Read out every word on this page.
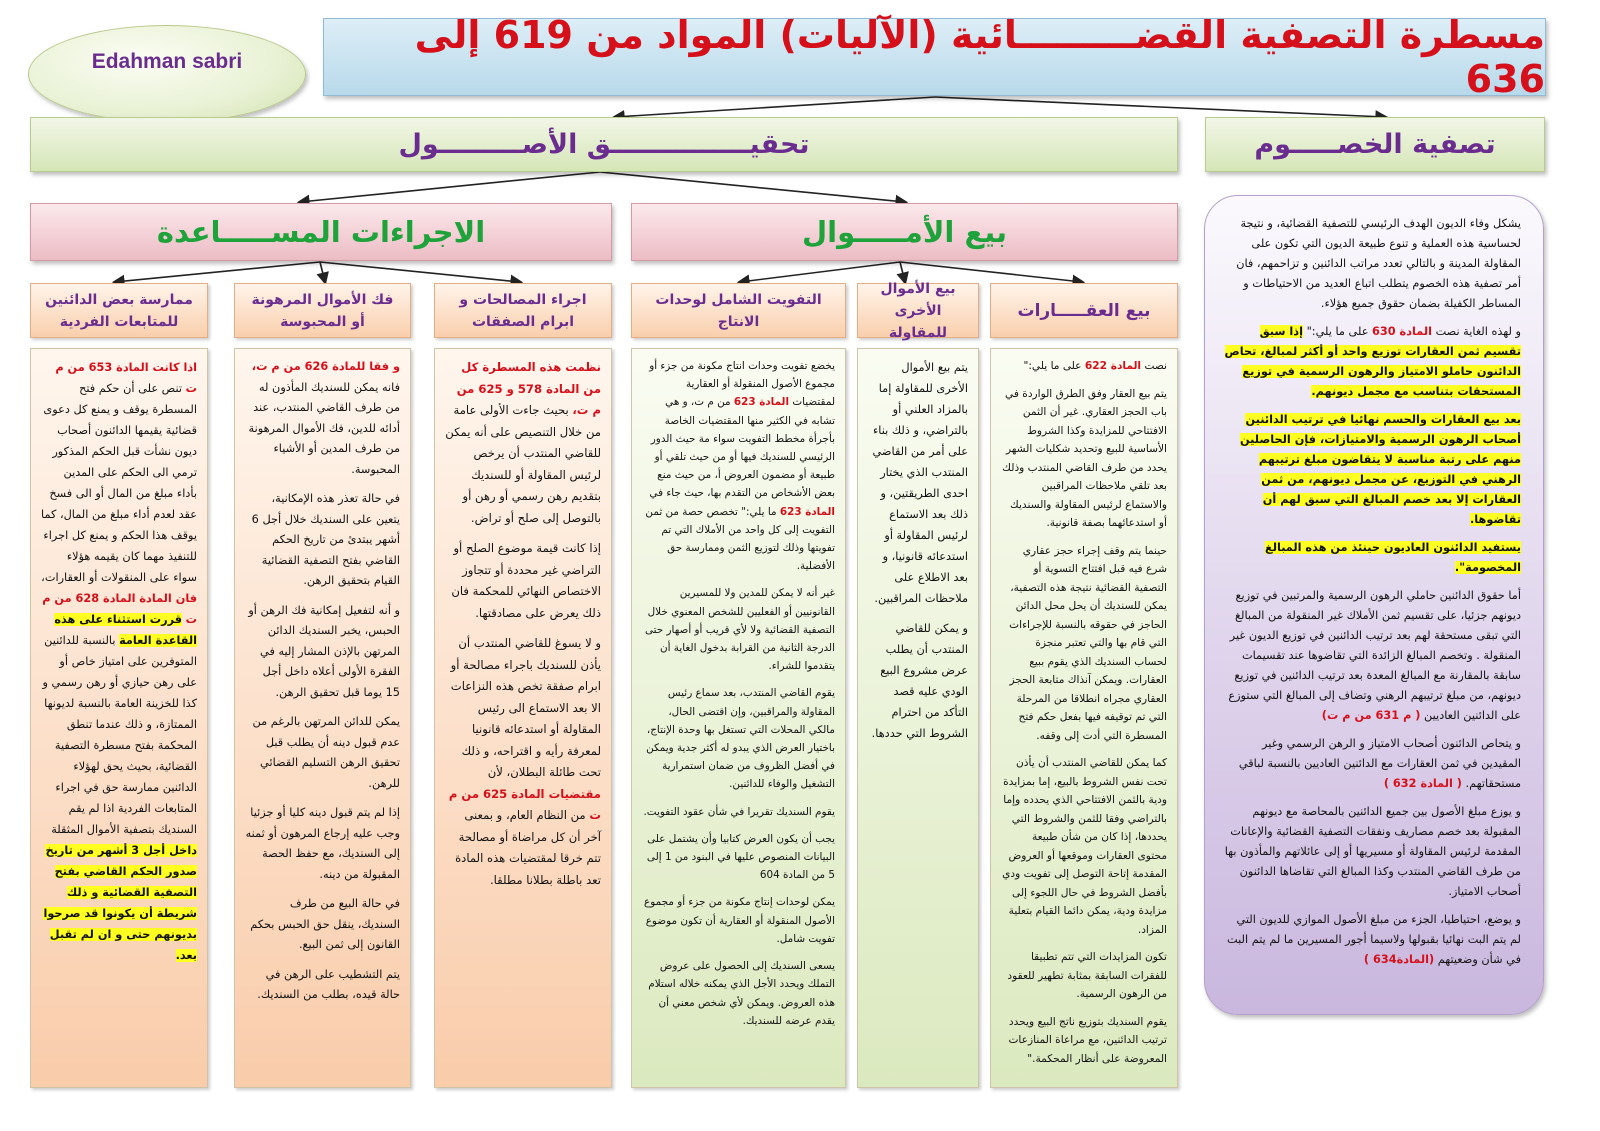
Edahman sabri
مسطرة التصفية القضـــــــــائية (الآليات) المواد من 619 إلى 636
تصفية الخصـــــوم
تحقيـــــــــــــــق الأصـــــــــول
بيع الأمـــــوال
الاجراءات المســـــاعدة
بيع العقـــــارات
بيع الأموال الأخرى للمقاولة
التفويت الشامل لوحدات الانتاج
اجراء المصالحات و ابرام الصفقات
فك الأموال المرهونة أو المحبوسة
ممارسة بعض الدائنين للمتابعات الفردية

يشكل وفاء الديون الهدف الرئيسي للتصفية القضائية، و نتيجة لحساسية هذه العملية و تنوع طبيعة الديون التي تكون على المقاولة المدينة و بالتالي تعدد مراتب الدائنين و تزاحمهم، فان أمر تصفية هذه الخصوم يتطلب اتباع العديد من الاحتياطات و المساطر الكفيلة بضمان حقوق جميع هؤلاء.

و لهذه الغاية نصت المادة 630 على ما يلي:" إذا سبق تقسيم ثمن العقارات توزيع واحد أو أكثر لمبالغ، تحاص الدائنون حاملو الامتياز والرهون الرسمية في توزيع المستحقات بتناسب مع مجمل ديونهم.

بعد بيع العقارات والحسم نهائيا في ترتيب الدائنين أصحاب الرهون الرسمية والامتيازات، فإن الحاصلين منهم على رتبة مناسبة لا يتقاضون مبلغ ترتيبهم الرهني في التوزيع، عن مجمل ديونهم، من ثمن العقارات إلا بعد خصم المبالغ التي سبق لهم أن تقاضوها.

يستفيد الدائنون العاديون حينئذ من هذه المبالغ المخصومة".

أما حقوق الدائنين حاملي الرهون الرسمية والمرتبين في توزيع ديونهم جزئيا، على تقسيم ثمن الأملاك غير المنقولة من المبالغ التي تبقى مستحقة لهم بعد ترتيب الدائنين في توزيع الديون غير المنقولة . وتخصم المبالغ الزائدة التي تقاضوها عند تقسيمات سابقة بالمقارنة مع المبالغ المعدة بعد ترتيب الدائنين في توزيع ديونهم، من مبلغ ترتيبهم الرهني وتضاف إلى المبالغ التي ستوزع على الدائنين العاديين ( م 631 من م ت)

و يتحاص الدائنون أصحاب الامتياز و الرهن الرسمي وغير المقيدين في ثمن العقارات مع الدائنين العاديين بالنسبة لباقي مستحقاتهم. ( المادة 632 )

و يوزع مبلغ الأصول بين جميع الدائنين بالمحاصة مع ديونهم المقبولة بعد خصم مصاريف ونفقات التصفية القضائية والإعانات المقدمة لرئيس المقاولة أو مسيريها أو إلى عائلاتهم والمأذون بها من طرف القاضي المنتدب وكذا المبالغ التي تقاضاها الدائنون أصحاب الامتياز.

و يوضع، احتياطيا، الجزء من مبلغ الأصول الموازي للديون التي لم يتم البت نهائيا بقبولها ولاسيما أجور المسيرين ما لم يتم البت في شأن وضعيتهم (المادة634 )

نصت المادة 622 على ما يلي:"

يتم بيع العقار وفق الطرق الواردة في باب الحجز العقاري. غير أن الثمن الافتتاحي للمزايدة وكذا الشروط الأساسية للبيع وتحديد شكليات الشهر يحدد من طرف القاضي المنتدب وذلك بعد تلقي ملاحظات المراقبين والاستماع لرئيس المقاولة والسنديك أو استدعائهما بصفة قانونية.

حينما يتم وقف إجراء حجز عقاري شرع فيه قبل افتتاح التسوية أو التصفية القضائية نتيجة هذه التصفية، يمكن للسنديك أن يحل محل الدائن الحاجز في حقوقه بالنسبة للإجراءات التي قام بها والتي تعتبر منجزة لحساب السنديك الذي يقوم ببيع العقارات. ويمكن آنذاك متابعة الحجز العقاري مجراه انطلاقا من المرحلة التي تم توقيفه فيها بفعل حكم فتح المسطرة التي أدت إلى وقفه.

كما يمكن للقاضي المنتدب أن يأذن تحت نفس الشروط بالبيع، إما بمزايدة ودية بالثمن الافتتاحي الذي يحدده وإما بالتراضي وفقا للثمن والشروط التي يحددها، إذا كان من شأن طبيعة محتوى العقارات وموقعها أو العروض المقدمة إتاحة التوصل إلى تفويت ودي بأفضل الشروط في حال اللجوء إلى مزايدة ودية، يمكن دائما القيام بتعلية المزاد.

تكون المزايدات التي تتم تطبيقا للفقرات السابقة بمثابة تطهير للعقود من الرهون الرسمية.

يقوم السنديك بتوزيع ناتج البيع ويحدد ترتيب الدائنين، مع مراعاة المنازعات المعروضة على أنظار المحكمة."

يتم بيع الأموال الأخرى للمقاولة إما بالمزاد العلني أو بالتراضي، و ذلك بناء على أمر من القاضي المنتدب الذي يختار احدى الطريقتين، و ذلك بعد الاستماع لرئيس المقاولة أو استدعائه قانونيا، و بعد الاطلاع على ملاحظات المراقبين.

و يمكن للقاضي المنتدب أن يطلب عرض مشروع البيع الودي عليه قصد التأكد من احترام الشروط التي حددها.

يخضع تفويت وحدات انتاج مكونة من جزء أو مجموع الأصول المنقولة أو العقارية لمقتضيات المادة 623 من م ت، و هي تشابه في الكثير منها المقتضيات الخاصة بأجرأة مخطط التفويت سواء مة حيث الدور الرئيسي للسنديك فيها أو من حيث تلقي أو طبيعة أو مضمون العروض أ، من حيث منع بعض الأشخاص من التقدم بها، حيث جاء في المادة 623 ما يلي:" تخصص حصة من ثمن التفويت إلى كل واحد من الأملاك التي تم تفويتها وذلك لتوزيع الثمن وممارسة حق الأفضلية.

غير أنه لا يمكن للمدين ولا للمسيرين القانونيين أو الفعليين للشخص المعنوي خلال التصفية القضائية ولا لأي قريب أو أصهار حتى الدرجة الثانية من القرابة بدخول الغاية أن يتقدموا للشراء.

يقوم القاضي المنتدب، بعد سماع رئيس المقاولة والمراقبين، وإن اقتضى الحال، مالكي المحلات التي تستغل بها وحدة الإنتاج، باختيار العرض الذي يبدو له أكثر جدية ويمكن في أفضل الظروف من ضمان استمرارية التشغيل والوفاء للدائنين.

يقوم السنديك تقريرا في شأن عقود التفويت.

يجب أن يكون العرض كتابيا وأن يشتمل على البيانات المنصوص عليها في البنود من 1 إلى 5 من المادة 604

يمكن لوحدات إنتاج مكونة من جزء أو مجموع الأصول المنقولة أو العقارية أن تكون موضوع تفويت شامل.

يسعى السنديك إلى الحصول على عروض التملك ويحدد الأجل الذي يمكنه خلاله استلام هذه العروض. ويمكن لأي شخص معني أن يقدم عرضه للسنديك.

نظمت هذه المسطرة كل من المادة 578 و 625 من م ت، بحيث جاءت الأولى عامة من خلال التنصيص على أنه يمكن للقاضي المنتدب أن يرخص لرئيس المقاولة أو للسنديك بتقديم رهن رسمي أو رهن أو بالتوصل إلى صلح أو تراض.

إذا كانت قيمة موضوع الصلح أو التراضي غير محددة أو تتجاوز الاختصاص النهائي للمحكمة فان ذلك يعرض على مصادقتها.

و لا يسوغ للقاضي المنتدب أن يأذن للسنديك باجراء مصالحة أو ابرام صفقة تخص هذه النزاعات الا بعد الاستماع الى رئيس المقاولة أو استدعائه قانونيا لمعرفة رأيه و اقتراحه، و ذلك تحت طائلة البطلان، لأن مقتضيات المادة 625 من م ت من النظام العام، و بمعنى آخر أن كل مراضاة أو مصالحة تتم خرقا لمقتضيات هذه المادة تعد باطلة بطلانا مطلقا.

و فقا للمادة 626 من م ت، فانه يمكن للسنديك المأذون له من طرف القاضي المنتدب، عند أدائه للدين، فك الأموال المرهونة من طرف المدين أو الأشياء المحبوسة.

في حالة تعذر هذه الإمكانية، يتعين على السنديك خلال أجل 6 أشهر يبتدئ من تاريخ الحكم القاضي بفتح التصفية القضائية القيام بتحقيق الرهن.

و أنه لتفعيل إمكانية فك الرهن أو الحبس، يخبر السنديك الدائن المرتهن بالإذن المشار إليه في الفقرة الأولى أعلاه داخل أجل 15 يوما قبل تحقيق الرهن.

يمكن للدائن المرتهن بالرغم من عدم قبول دينه أن يطلب قبل تحقيق الرهن التسليم القضائي للرهن.

إذا لم يتم قبول دينه كليا أو جزئيا وجب عليه إرجاع المرهون أو ثمنه إلى السنديك، مع حفظ الحصة المقبولة من دينه.

في حالة البيع من طرف السنديك، ينقل حق الحبس بحكم القانون إلى ثمن البيع.

يتم التشطيب على الرهن في حالة قيده، بطلب من السنديك.

اذا كانت المادة 653 من م ت تنص على أن حكم فتح المسطرة يوقف و يمنع كل دعوى قضائية يقيمها الدائنون أصحاب ديون نشأت قبل الحكم المذكور ترمي الى الحكم على المدين بأداء مبلغ من المال أو الى فسخ عقد لعدم أداء مبلغ من المال، كما يوقف هذا الحكم و يمنع كل اجراء للتنفيذ مهما كان يقيمه هؤلاء سواء على المنقولات أو العقارات، فان المادة المادة 628 من م ت قررت استثناء على هذه القاعدة العامة بالنسبة للدائنين المتوفرين على امتياز خاص أو على رهن حيازي أو رهن رسمي و كذا للخزينة العامة بالنسبة لديونها الممتازة، و ذلك عندما تنطق المحكمة بفتح مسطرة التصفية القضائية، بحيث يحق لهؤلاء الدائنين ممارسة حق في اجراء المتابعات الفردية اذا لم يقم السنديك بتصفية الأموال المثقلة داخل أجل 3 أشهر من تاريخ صدور الحكم القاضي بفتح التصفية القضائية و ذلك شريطة أن يكونوا قد صرحوا بديونهم حتى و ان لم تقبل بعد.
